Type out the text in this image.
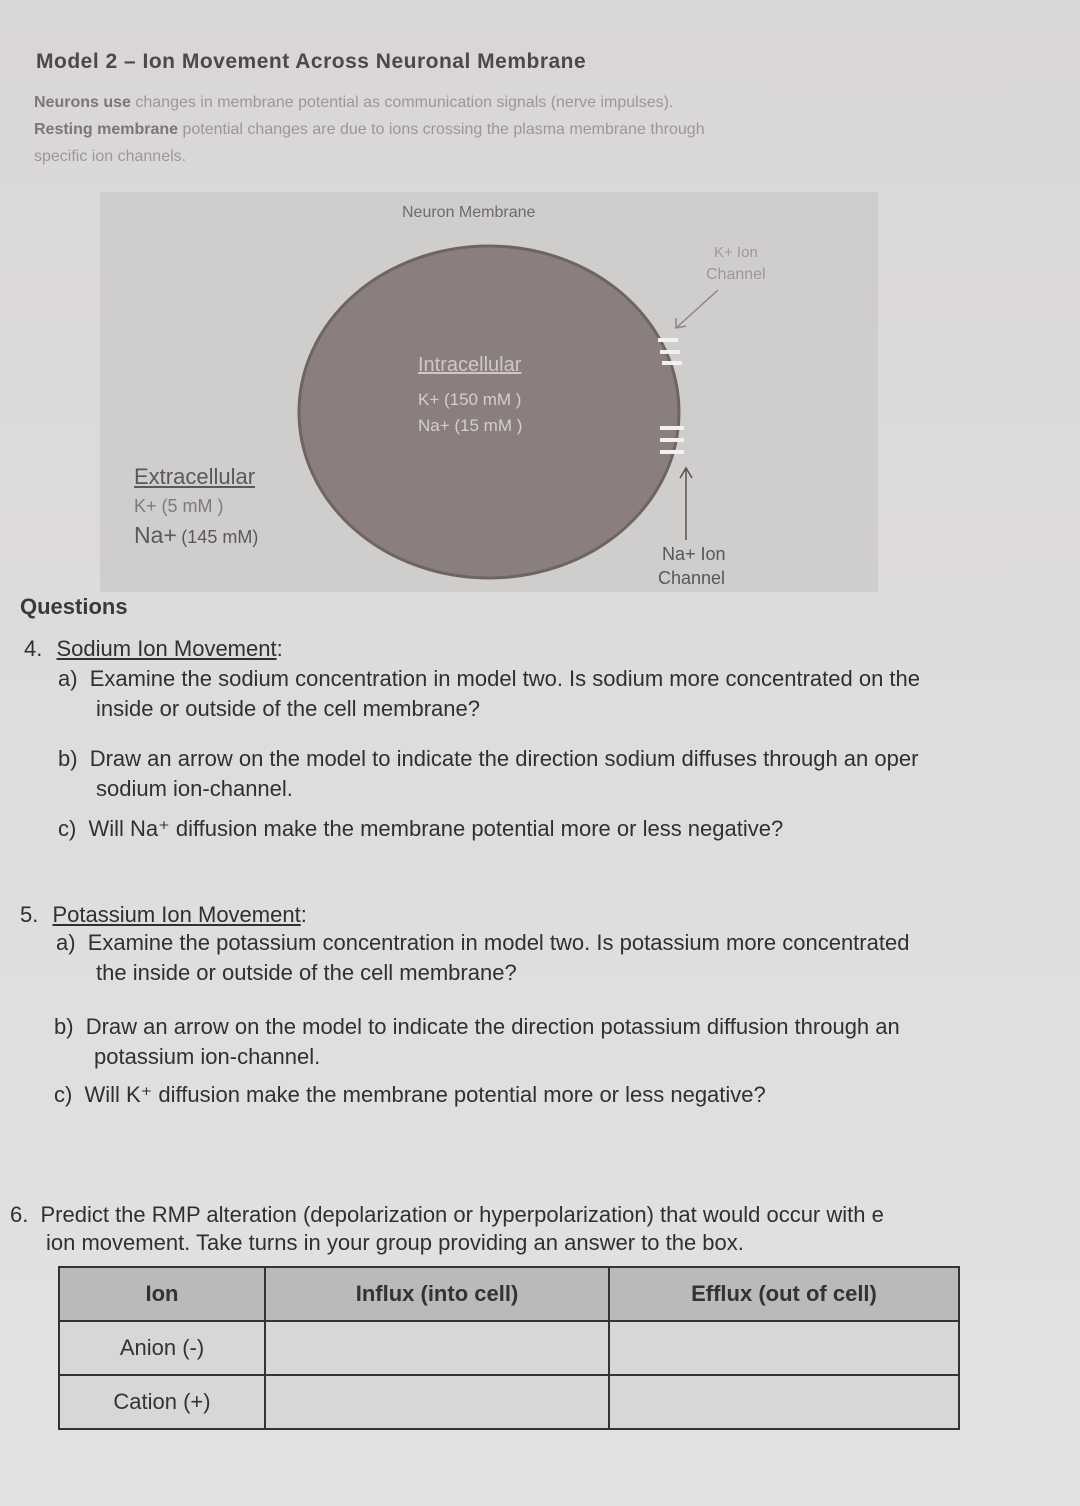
Model 2 – Ion Movement Across Neuronal Membrane
Neurons use changes in membrane potential as communication signals (nerve impulses).
Resting membrane potential changes are due to ions crossing the plasma membrane through
specific ion channels.
Neuron Membrane
Intracellular
K+ (150 mM )
Na+ (15 mM )
Extracellular
K+ (5 mM )
Na+ (145 mM)
K+ Ion
Channel
Na+ Ion
Channel
Questions
4. Sodium Ion Movement:
a) Examine the sodium concentration in model two. Is sodium more concentrated on the
inside or outside of the cell membrane?
b) Draw an arrow on the model to indicate the direction sodium diffuses through an oper
sodium ion-channel.
c) Will Na⁺ diffusion make the membrane potential more or less negative?
5. Potassium Ion Movement:
a) Examine the potassium concentration in model two. Is potassium more concentrated
the inside or outside of the cell membrane?
b) Draw an arrow on the model to indicate the direction potassium diffusion through an
potassium ion-channel.
c) Will K⁺ diffusion make the membrane potential more or less negative?
6. Predict the RMP alteration (depolarization or hyperpolarization) that would occur with e
ion movement. Take turns in your group providing an answer to the box.
Ion	Influx (into cell)	Efflux (out of cell)
Anion (-)		
Cation (+)		
